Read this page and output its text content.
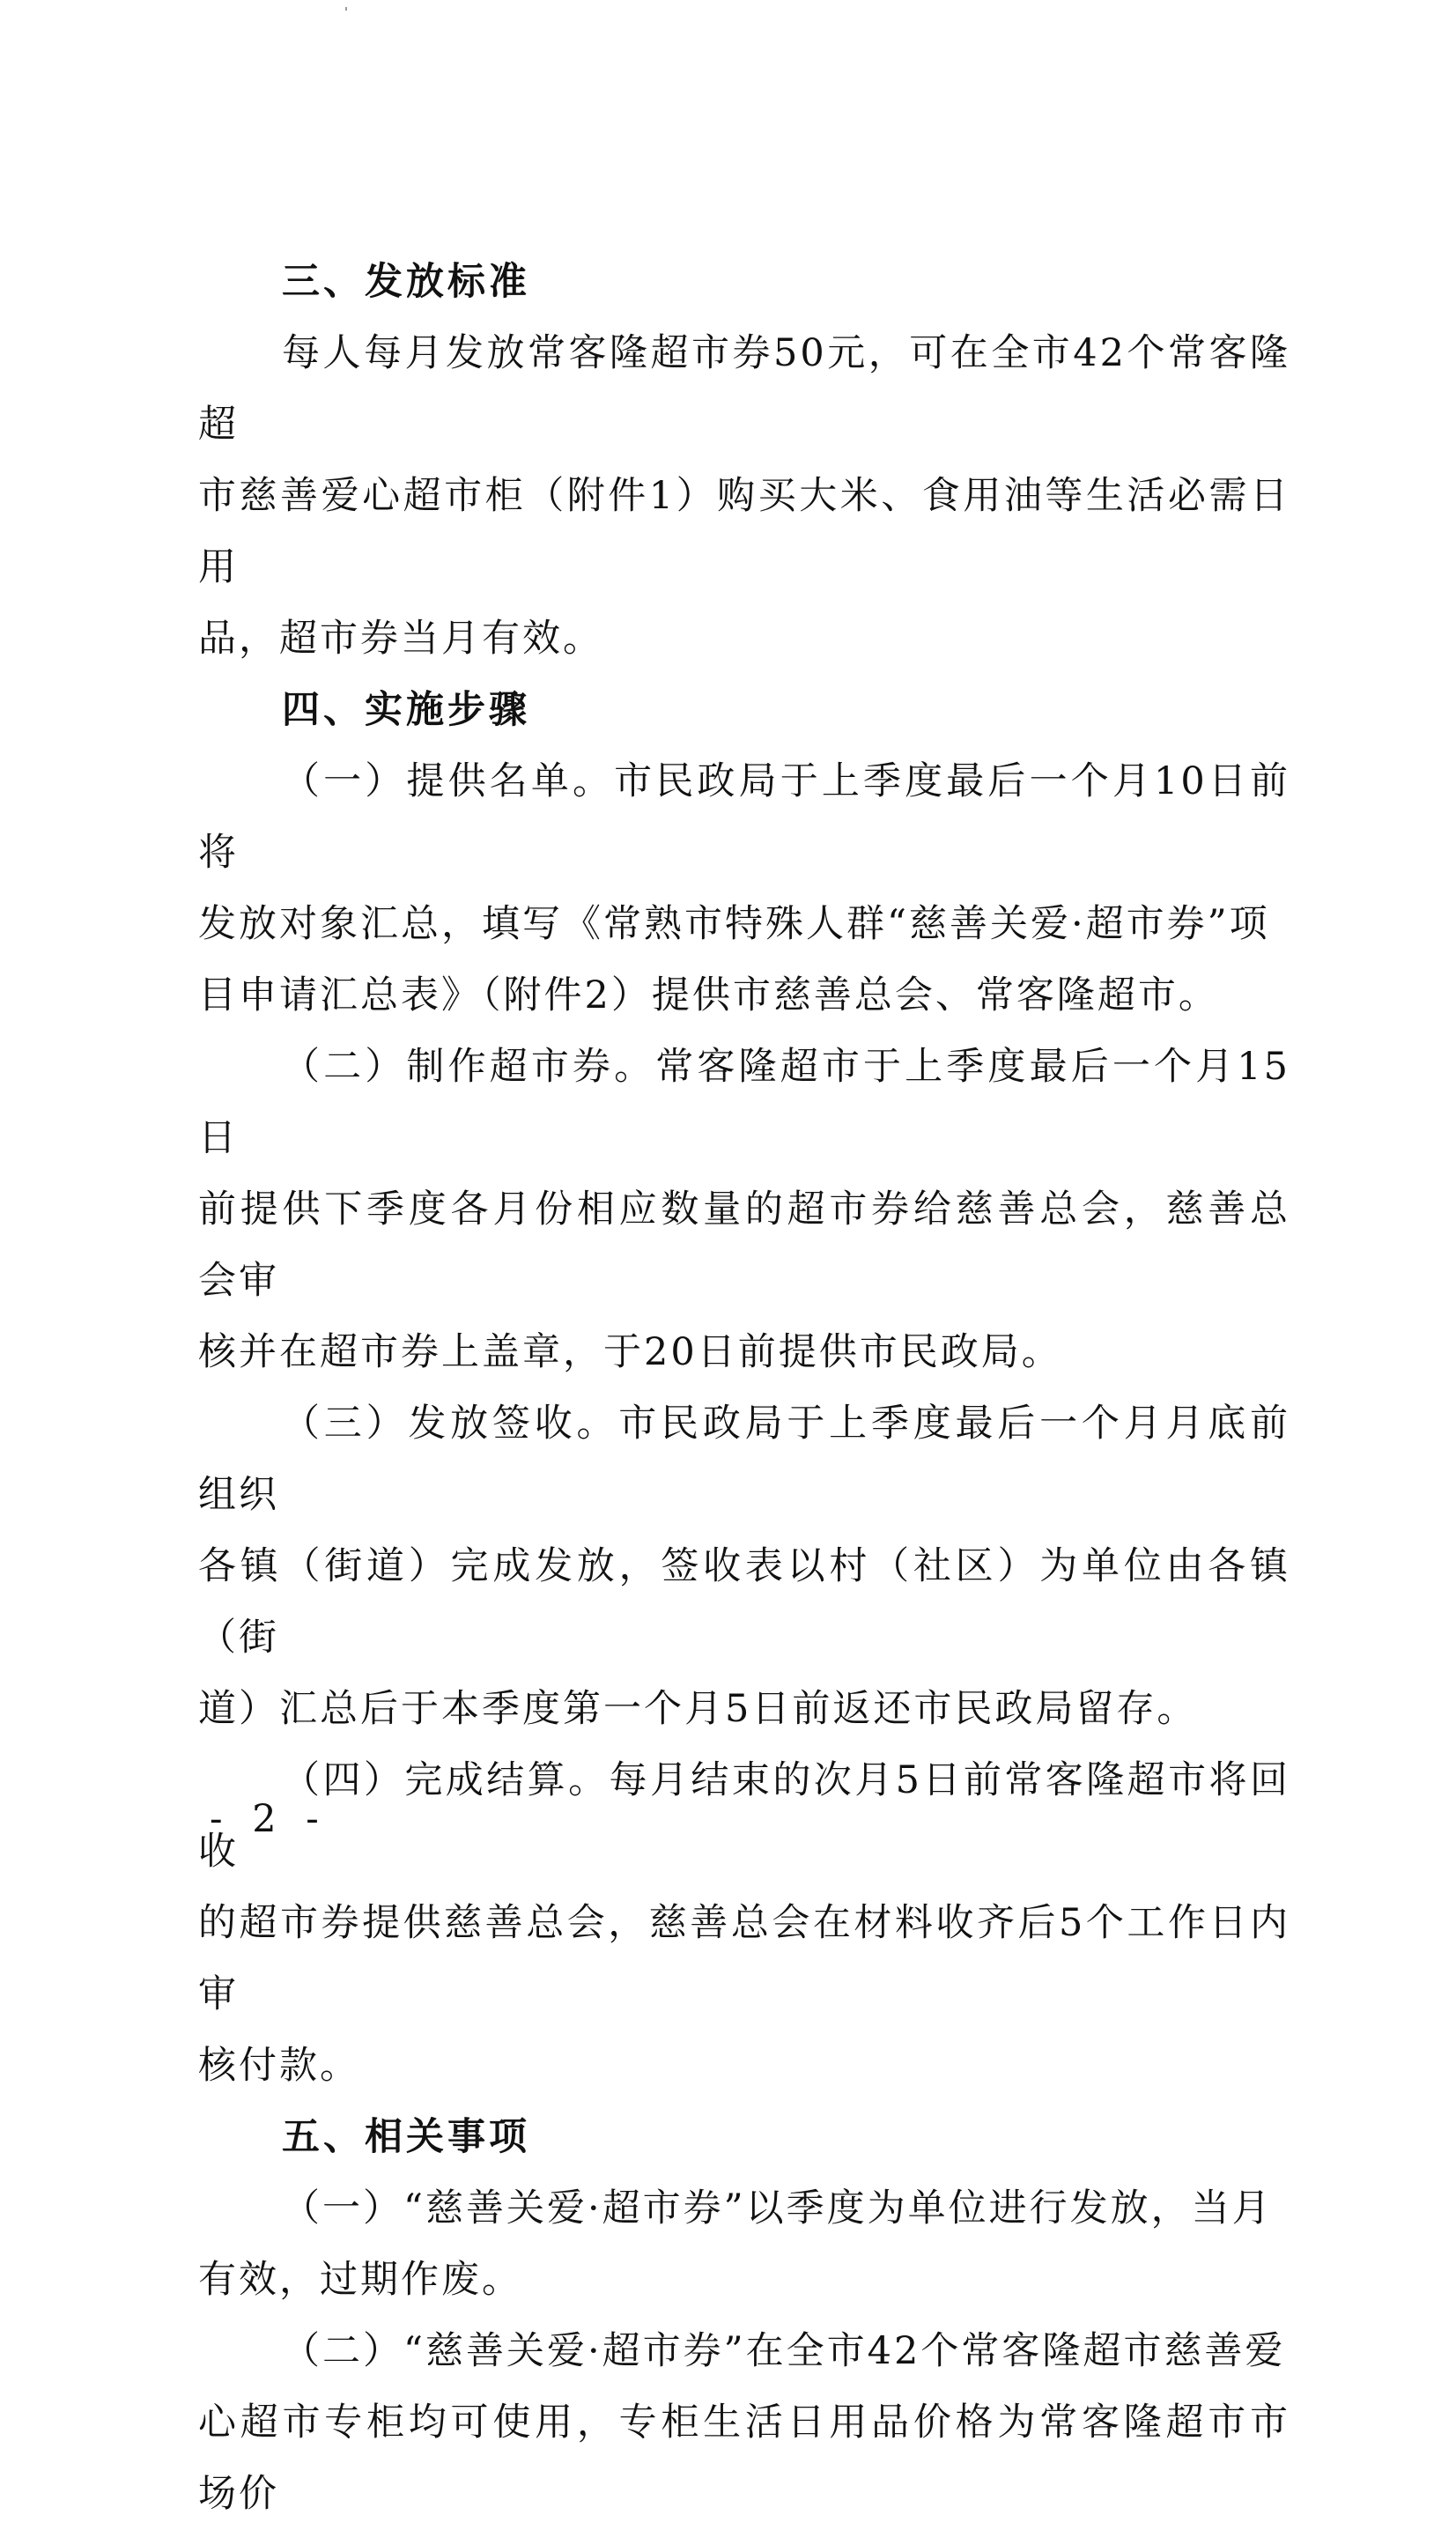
三、发放标准

每人每月发放常客隆超市券50元，可在全市42个常客隆超
市慈善爱心超市柜（附件1）购买大米、食用油等生活必需日用
品，超市券当月有效。

四、实施步骤

（一）提供名单。市民政局于上季度最后一个月10日前将
发放对象汇总，填写《常熟市特殊人群“慈善关爱·超市券”项
目申请汇总表》（附件2）提供市慈善总会、常客隆超市。

（二）制作超市券。常客隆超市于上季度最后一个月15日
前提供下季度各月份相应数量的超市券给慈善总会，慈善总会审
核并在超市券上盖章，于20日前提供市民政局。

（三）发放签收。市民政局于上季度最后一个月月底前组织
各镇（街道）完成发放，签收表以村（社区）为单位由各镇（街
道）汇总后于本季度第一个月5日前返还市民政局留存。

（四）完成结算。每月结束的次月5日前常客隆超市将回收
的超市券提供慈善总会，慈善总会在材料收齐后5个工作日内审
核付款。

五、相关事项

（一）“慈善关爱·超市券”以季度为单位进行发放，当月
有效，过期作废。

（二）“慈善关爱·超市券”在全市42个常客隆超市慈善爱
心超市专柜均可使用，专柜生活日用品价格为常客隆超市市场价

- 2 -
